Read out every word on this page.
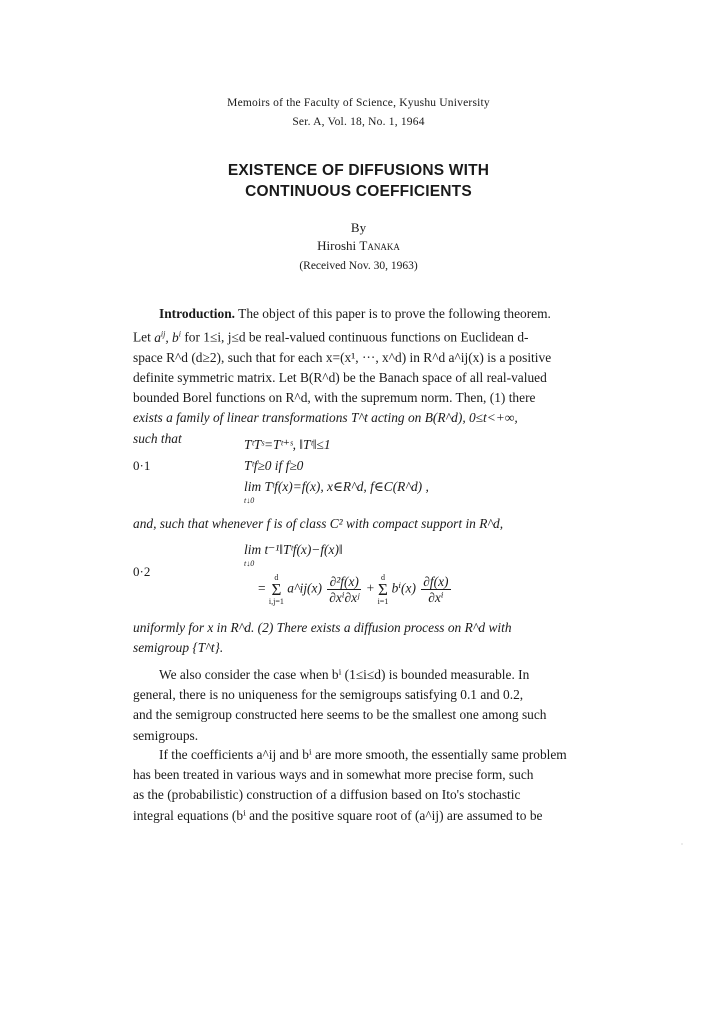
Memoirs of the Faculty of Science, Kyushu University
Ser. A, Vol. 18, No. 1, 1964
EXISTENCE OF DIFFUSIONS WITH
CONTINUOUS COEFFICIENTS
By
Hiroshi Tanaka
(Received Nov. 30, 1963)
Introduction. The object of this paper is to prove the following theorem.
Let $a^{ij}$, $b^i$ for 1≤i, j≤d be real-valued continuous functions on Euclidean d-
space R^d (d≥2), such that for each x=(x¹, ···, x^d) in R^d a^ij(x) is a positive
definite symmetric matrix. Let B(R^d) be the Banach space of all real-valued
bounded Borel functions on R^d, with the supremum norm. Then, (1) there
exists a family of linear transformations T^t acting on B(R^d), 0≤t<+∞,
such that
0·1
TᵗTˢ=Tᵗ⁺ˢ, ‖Tᵗ‖≤1
Tᵗf≥0 if f≥0
lim Tᵗf(x)=f(x), x∈R^d, f∈C(R^d) ,
t↓0
and, such that whenever f is of class C² with compact support in R^d,
0·2
lim t⁻¹‖Tᵗf(x)−f(x)‖
t↓0
=
d
Σ
i,j=1
a^ij(x) $\frac{\text{∂²f(x)}}{\text{∂xⁱ∂xʲ}}$ +
d
Σ
i=1
$b^i(x) \frac{\partial f(x)}{\text{∂xⁱ}}$
uniformly for x in R^d. (2) There exists a diffusion process on R^d with
semigroup {T^t}.
We also consider the case when bⁱ (1≤i≤d) is bounded measurable. In
general, there is no uniqueness for the semigroups satisfying 0.1 and 0.2,
and the semigroup constructed here seems to be the smallest one among such
semigroups.
If the coefficients a^ij and bⁱ are more smooth, the essentially same problem
has been treated in various ways and in somewhat more precise form, such
as the (probabilistic) construction of a diffusion based on Ito's stochastic
integral equations (bⁱ and the positive square root of (a^ij) are assumed to be
